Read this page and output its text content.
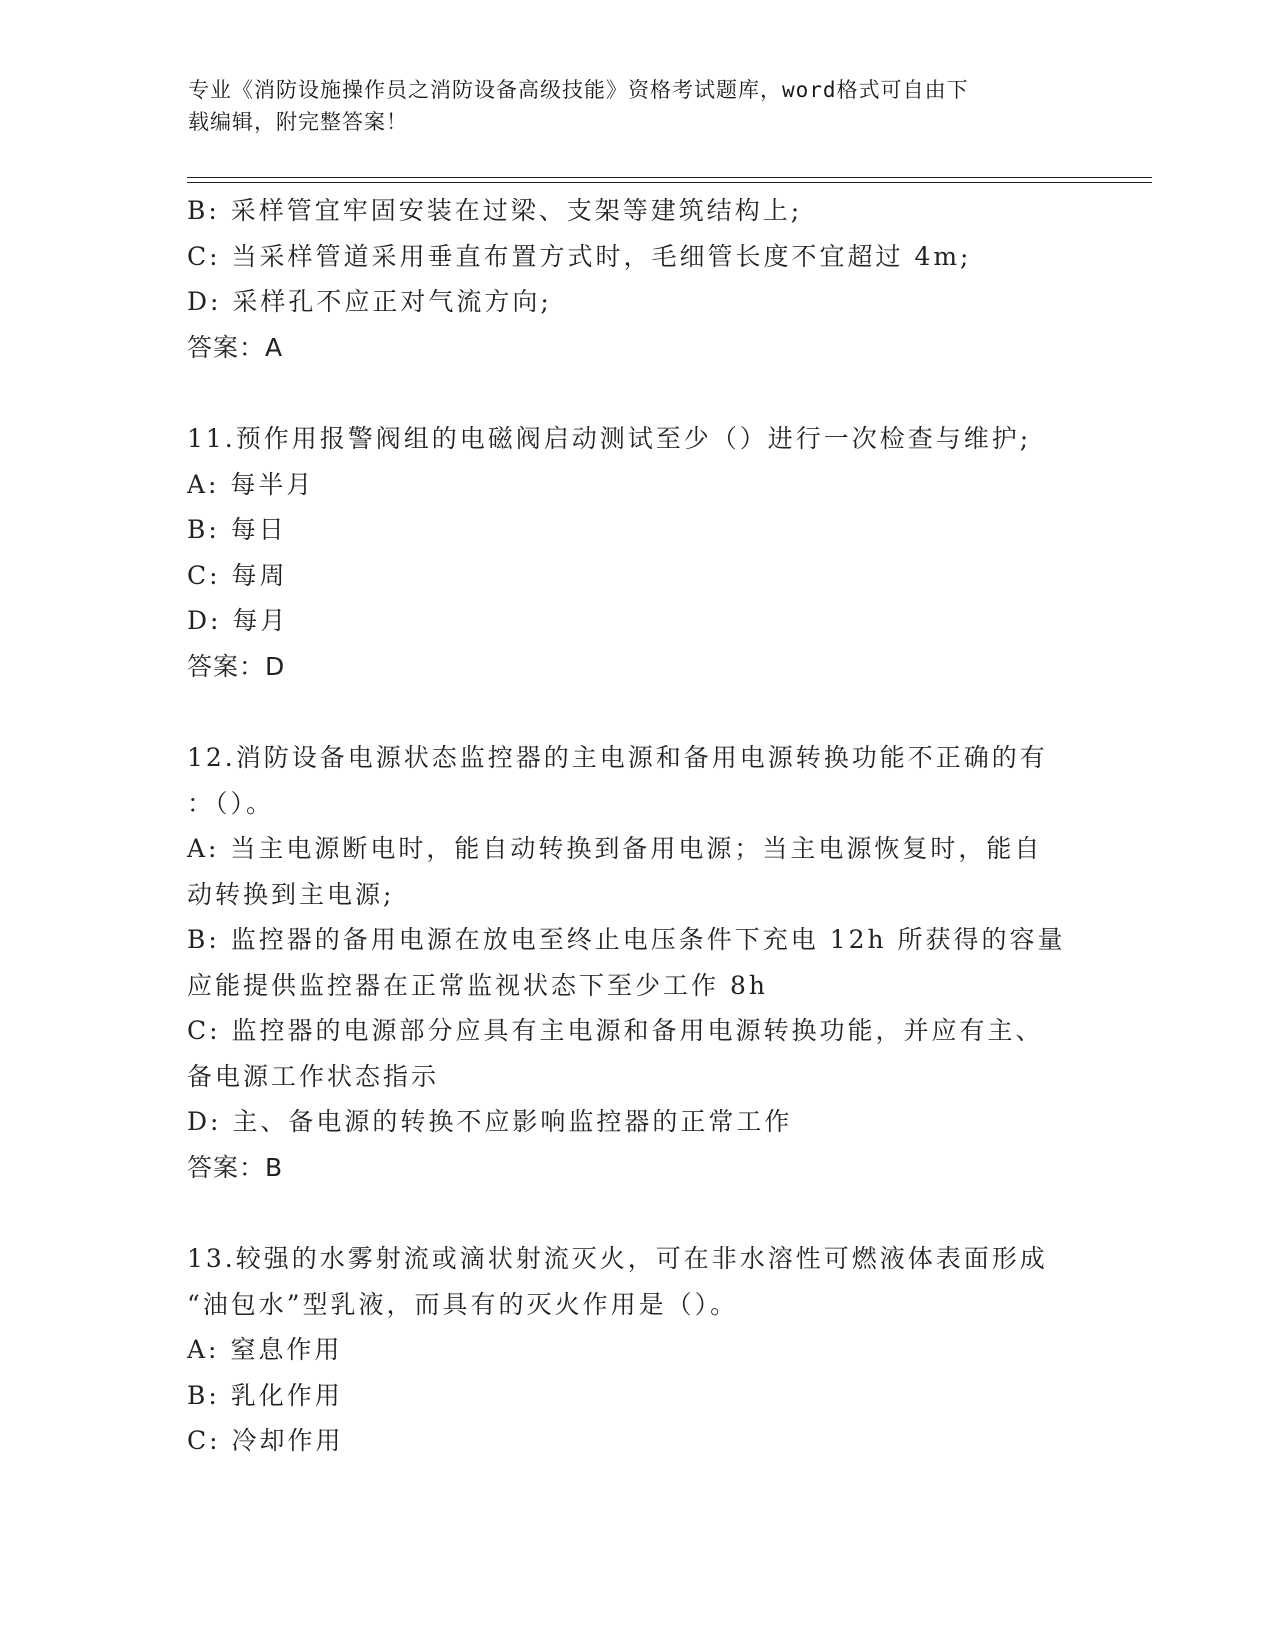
专业《消防设施操作员之消防设备高级技能》资格考试题库，word格式可自由下
载编辑，附完整答案！
B: 采样管宜牢固安装在过梁、支架等建筑结构上;
C: 当采样管道采用垂直布置方式时，毛细管长度不宜超过 4m;
D: 采样孔不应正对气流方向;
答案：A
11.预作用报警阀组的电磁阀启动测试至少（）进行一次检查与维护;
A: 每半月
B: 每日
C: 每周
D: 每月
答案：D
12.消防设备电源状态监控器的主电源和备用电源转换功能不正确的有
：（）。
A: 当主电源断电时，能自动转换到备用电源；当主电源恢复时，能自
动转换到主电源;
B: 监控器的备用电源在放电至终止电压条件下充电 12h 所获得的容量
应能提供监控器在正常监视状态下至少工作 8h
C: 监控器的电源部分应具有主电源和备用电源转换功能，并应有主、
备电源工作状态指示
D: 主、备电源的转换不应影响监控器的正常工作
答案：B
13.较强的水雾射流或滴状射流灭火，可在非水溶性可燃液体表面形成
“油包水”型乳液，而具有的灭火作用是（）。
A: 窒息作用
B: 乳化作用
C: 冷却作用
